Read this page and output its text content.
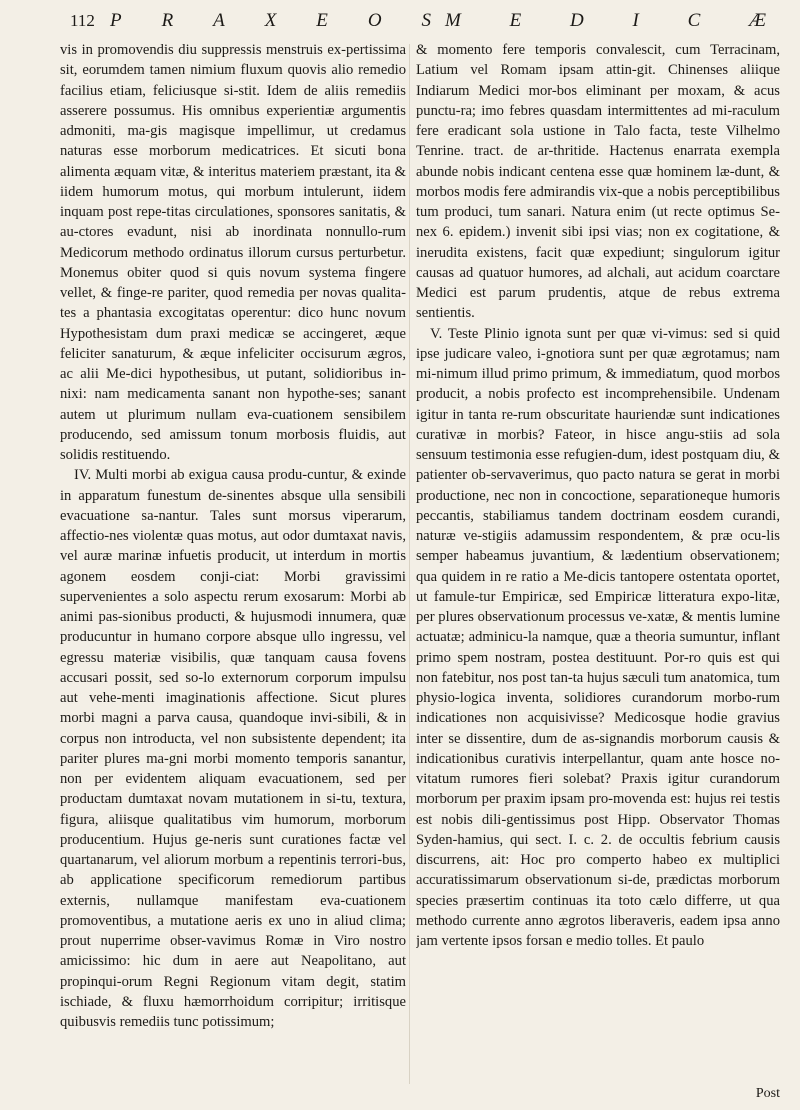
112 P R A X E O S M E D I C Æ

vis in promovendis diu suppressis menstruis ex-pertissima sit, eorumdem tamen nimium fluxum quovis alio remedio facilius etiam, feliciusque si-stit. Idem de aliis remediis asserere possumus. His omnibus experientiæ argumentis admoniti, ma-gis magisque impellimur, ut credamus naturas esse morborum medicatrices. Et sicuti bona alimenta æquam vitæ, & interitus materiem præstant, ita & iidem humorum motus, qui morbum intulerunt, iidem inquam post repe-titas circulationes, sponsores sanitatis, & au-ctores evadunt, nisi ab inordinata nonnullo-rum Medicorum methodo ordinatus illorum cursus perturbetur. Monemus obiter quod si quis novum systema fingere vellet, & finge-re pariter, quod remedia per novas qualita-tes a phantasia excogitatas operentur: dico hunc novum Hypothesistam dum praxi medicæ se accingeret, æque feliciter sanaturum, & æque infeliciter occisurum ægros, ac alii Me-dici hypothesibus, ut putant, solidioribus in-nixi: nam medicamenta sanant non hypothe-ses; sanant autem ut plurimum nullam eva-cuationem sensibilem producendo, sed amissum tonum morbosis fluidis, aut solidis restituendo.

IV. Multi morbi ab exigua causa produ-cuntur, & exinde in apparatum funestum de-sinentes absque ulla sensibili evacuatione sa-nantur. Tales sunt morsus viperarum, affectio-nes violentæ quas motus, aut odor dumtaxat navis, vel auræ marinæ infuetis producit, ut interdum in mortis agonem eosdem conji-ciat: Morbi gravissimi supervenientes a solo aspectu rerum exosarum: Morbi ab animi pas-sionibus producti, & hujusmodi innumera, quæ producuntur in humano corpore absque ullo ingressu, vel egressu materiæ visibilis, quæ tanquam causa fovens accusari possit, sed so-lo externorum corporum impulsu aut vehe-menti imaginationis affectione. Sicut plures morbi magni a parva causa, quandoque invi-sibili, & in corpus non introducta, vel non subsistente dependent; ita pariter plures ma-gni morbi momento temporis sanantur, non per evidentem aliquam evacuationem, sed per productam dumtaxat novam mutationem in si-tu, textura, figura, aliisque qualitatibus vim humorum, morborum producentium. Hujus ge-neris sunt curationes factæ vel quartanarum, vel aliorum morbum a repentinis terrori-bus, ab applicatione specificorum remediorum partibus externis, nullamque manifestam eva-cuationem promoventibus, a mutatione aeris ex uno in aliud clima; prout nuperrime obser-vavimus Romæ in Viro nostro amicissimo: hic dum in aere aut Neapolitano, aut propinqui-orum Regni Regionum vitam degit, statim ischiade, & fluxu hæmorrhoidum corripitur; irritisque quibusvis remediis tunc potissimum;

& momento fere temporis convalescit, cum Terracinam, Latium vel Romam ipsam attin-git. Chinenses aliique Indiarum Medici mor-bos eliminant per moxam, & acus punctu-ra; imo febres quasdam intermittentes ad mi-raculum fere eradicant sola ustione in Talo facta, teste Vilhelmo Tenrine. tract. de ar-thritide. Hactenus enarrata exempla abunde nobis indicant centena esse quæ hominem læ-dunt, & morbos modis fere admirandis vix-que a nobis perceptibilibus tum produci, tum sanari. Natura enim (ut recte optimus Se-nex 6. epidem.) invenit sibi ipsi vias; non ex cogitatione, & inerudita existens, facit quæ expediunt; singulorum igitur causas ad quatuor humores, ad alchali, aut acidum coarctare Medici est parum prudentis, atque de rebus extrema sentientis.

V. Teste Plinio ignota sunt per quæ vi-vimus: sed si quid ipse judicare valeo, i-gnotiora sunt per quæ ægrotamus; nam mi-nimum illud primo primum, & immediatum, quod morbos producit, a nobis profecto est incomprehensibile. Undenam igitur in tanta re-rum obscuritate hauriendæ sunt indicationes curativæ in morbis? Fateor, in hisce angu-stiis ad sola sensuum testimonia esse refugien-dum, idest postquam diu, & patienter ob-servaverimus, quo pacto natura se gerat in morbi productione, nec non in concoctione, separationeque humoris peccantis, stabiliamus tandem doctrinam eosdem curandi, naturæ ve-stigiis adamussim respondentem, & præ ocu-lis semper habeamus juvantium, & lædentium observationem; qua quidem in re ratio a Me-dicis tantopere ostentata oportet, ut famule-tur Empiricæ, sed Empiricæ litteratura expo-litæ, per plures observationum processus ve-xatæ, & mentis lumine actuatæ; adminicu-la namque, quæ a theoria sumuntur, inflant primo spem nostram, postea destituunt. Por-ro quis est qui non fatebitur, nos post tan-ta hujus sæculi tum anatomica, tum physio-logica inventa, solidiores curandorum morbo-rum indicationes non acquisivisse? Medicosque hodie gravius inter se dissentire, dum de as-signandis morborum causis & indicationibus curativis interpellantur, quam ante hosce no-vitatum rumores fieri solebat? Praxis igitur curandorum morborum per praxim ipsam pro-movenda est: hujus rei testis est nobis dili-gentissimus post Hipp. Observator Thomas Syden-hamius, qui sect. I. c. 2. de occultis febrium causis discurrens, ait: Hoc pro comperto habeo ex multiplici accuratissimarum observationum si-de, prædictas morborum species præsertim continuas ita toto cælo differre, ut qua methodo currente anno ægrotos liberaveris, eadem ipsa anno jam vertente ipsos forsan e medio tolles. Et paulo

Post
